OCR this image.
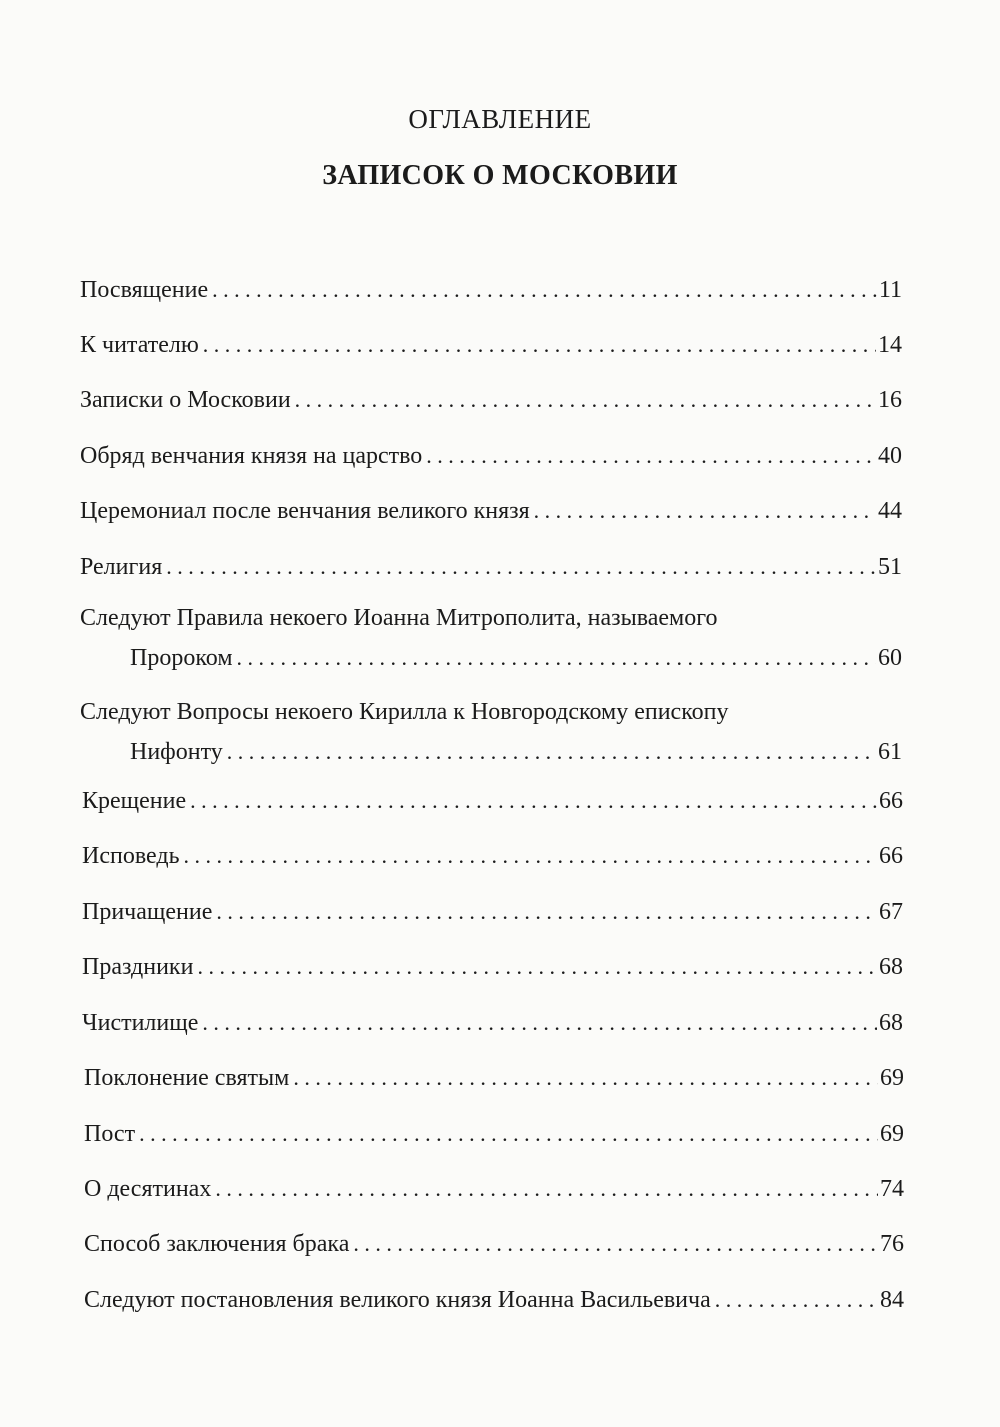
ОГЛАВЛЕНИЕ
ЗАПИСОК О МОСКОВИИ
Посвящение . . .	11
К читателю . . .	14
Записки о Московии . . .	16
Обряд венчания князя на царство . . .	40
Церемониал после венчания великого князя . . .	44
Религия . . .	51
Следуют Правила некоего Иоанна Митрополита, называемого
Пророком . . .	60
Следуют Вопросы некоего Кирилла к Новгородскому епископу
Нифонту . . .	61
Крещение . . .	66
Исповедь . . .	66
Причащение . . .	67
Праздники . . .	68
Чистилище . . .	68
Поклонение святым . . .	69
Пост . . .	69
О десятинах . . .	74
Способ заключения брака . . .	76
Следуют постановления великого князя Иоанна Васильевича . . .	84
